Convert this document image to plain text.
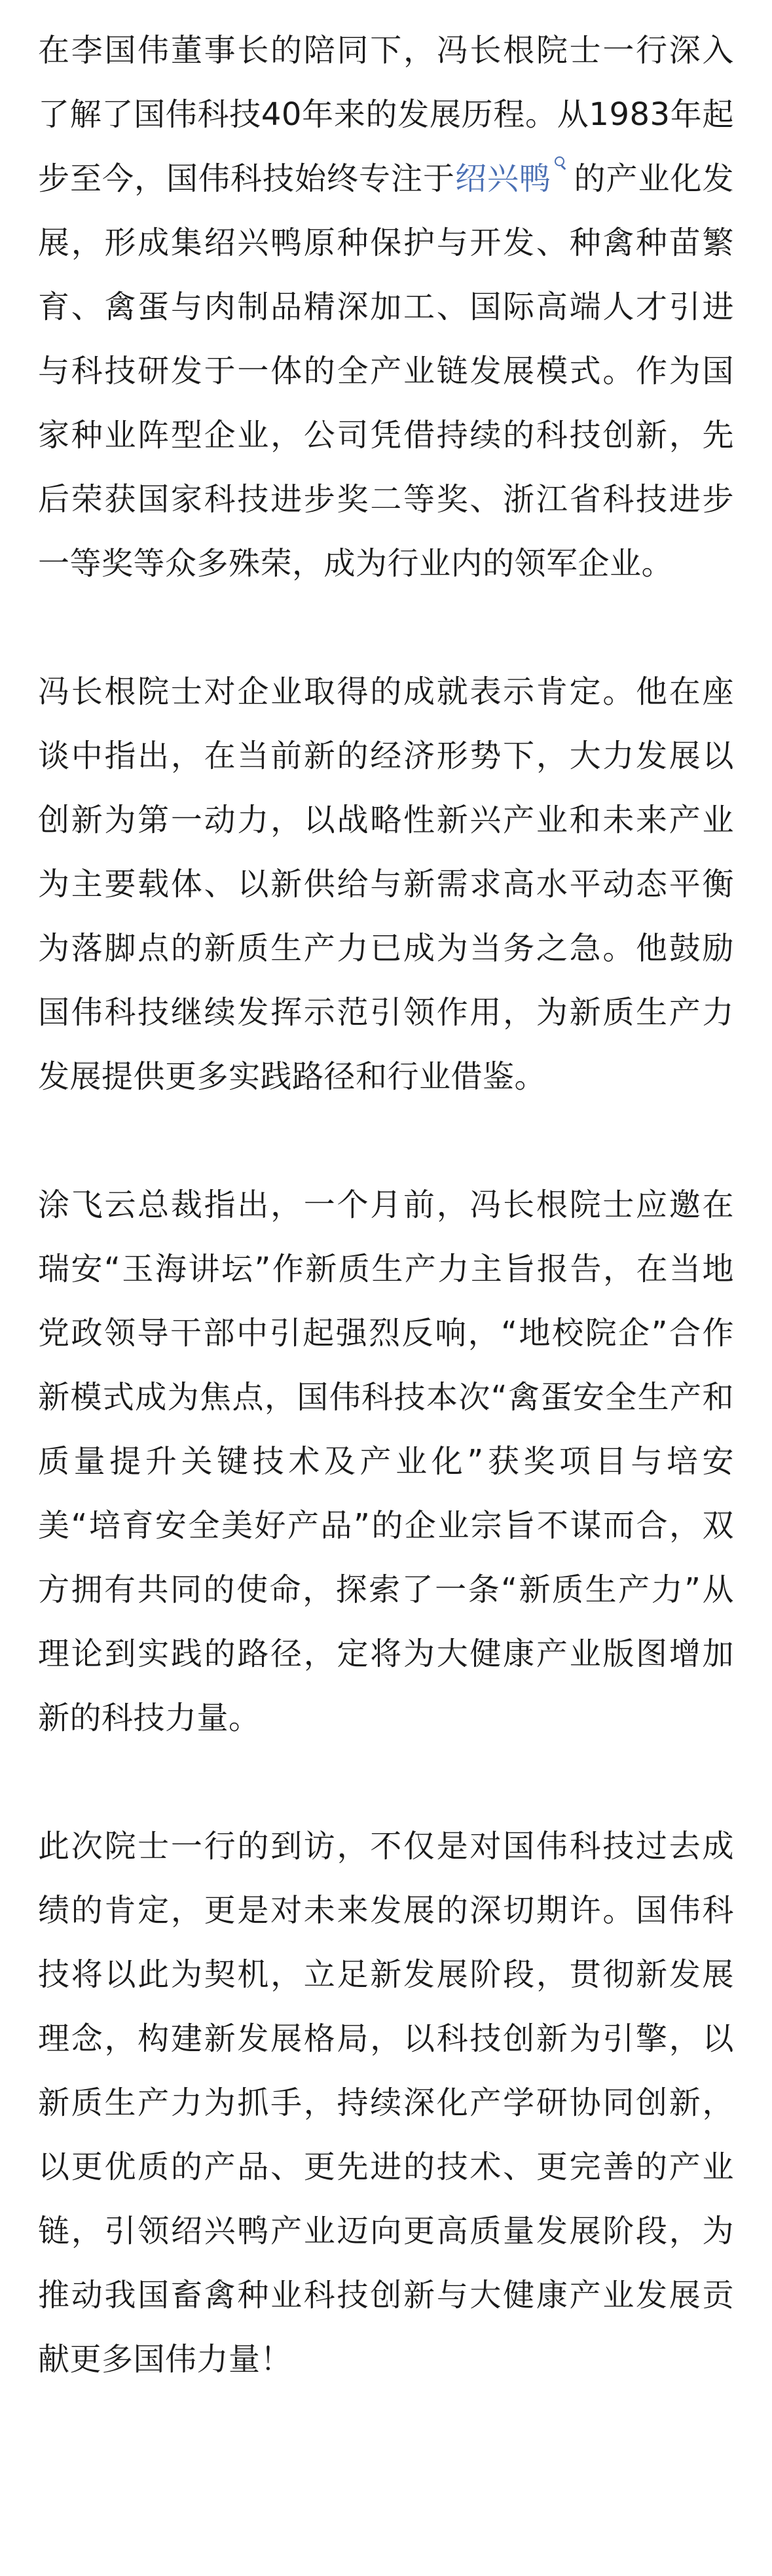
在李国伟董事长的陪同下，冯长根院士一行深入了解了国伟科技40年来的发展历程。从1983年起步至今，国伟科技始终专注于绍兴鸭 的产业化发展，形成集绍兴鸭原种保护与开发、种禽种苗繁育、禽蛋与肉制品精深加工、国际高端人才引进与科技研发于一体的全产业链发展模式。作为国家种业阵型企业，公司凭借持续的科技创新，先后荣获国家科技进步奖二等奖、浙江省科技进步一等奖等众多殊荣，成为行业内的领军企业。

冯长根院士对企业取得的成就表示肯定。他在座谈中指出，在当前新的经济形势下，大力发展以创新为第一动力，以战略性新兴产业和未来产业为主要载体、以新供给与新需求高水平动态平衡为落脚点的新质生产力已成为当务之急。他鼓励国伟科技继续发挥示范引领作用，为新质生产力发展提供更多实践路径和行业借鉴。

涂飞云总裁指出，一个月前，冯长根院士应邀在瑞安“玉海讲坛”作新质生产力主旨报告，在当地党政领导干部中引起强烈反响，“地校院企”合作新模式成为焦点，国伟科技本次“禽蛋安全生产和质量提升关键技术及产业化”获奖项目与培安美“培育安全美好产品”的企业宗旨不谋而合，双方拥有共同的使命，探索了一条“新质生产力”从理论到实践的路径，定将为大健康产业版图增加新的科技力量。

此次院士一行的到访，不仅是对国伟科技过去成绩的肯定，更是对未来发展的深切期许。国伟科技将以此为契机，立足新发展阶段，贯彻新发展理念，构建新发展格局，以科技创新为引擎，以新质生产力为抓手，持续深化产学研协同创新，以更优质的产品、更先进的技术、更完善的产业链，引领绍兴鸭产业迈向更高质量发展阶段，为推动我国畜禽种业科技创新与大健康产业发展贡献更多国伟力量！
